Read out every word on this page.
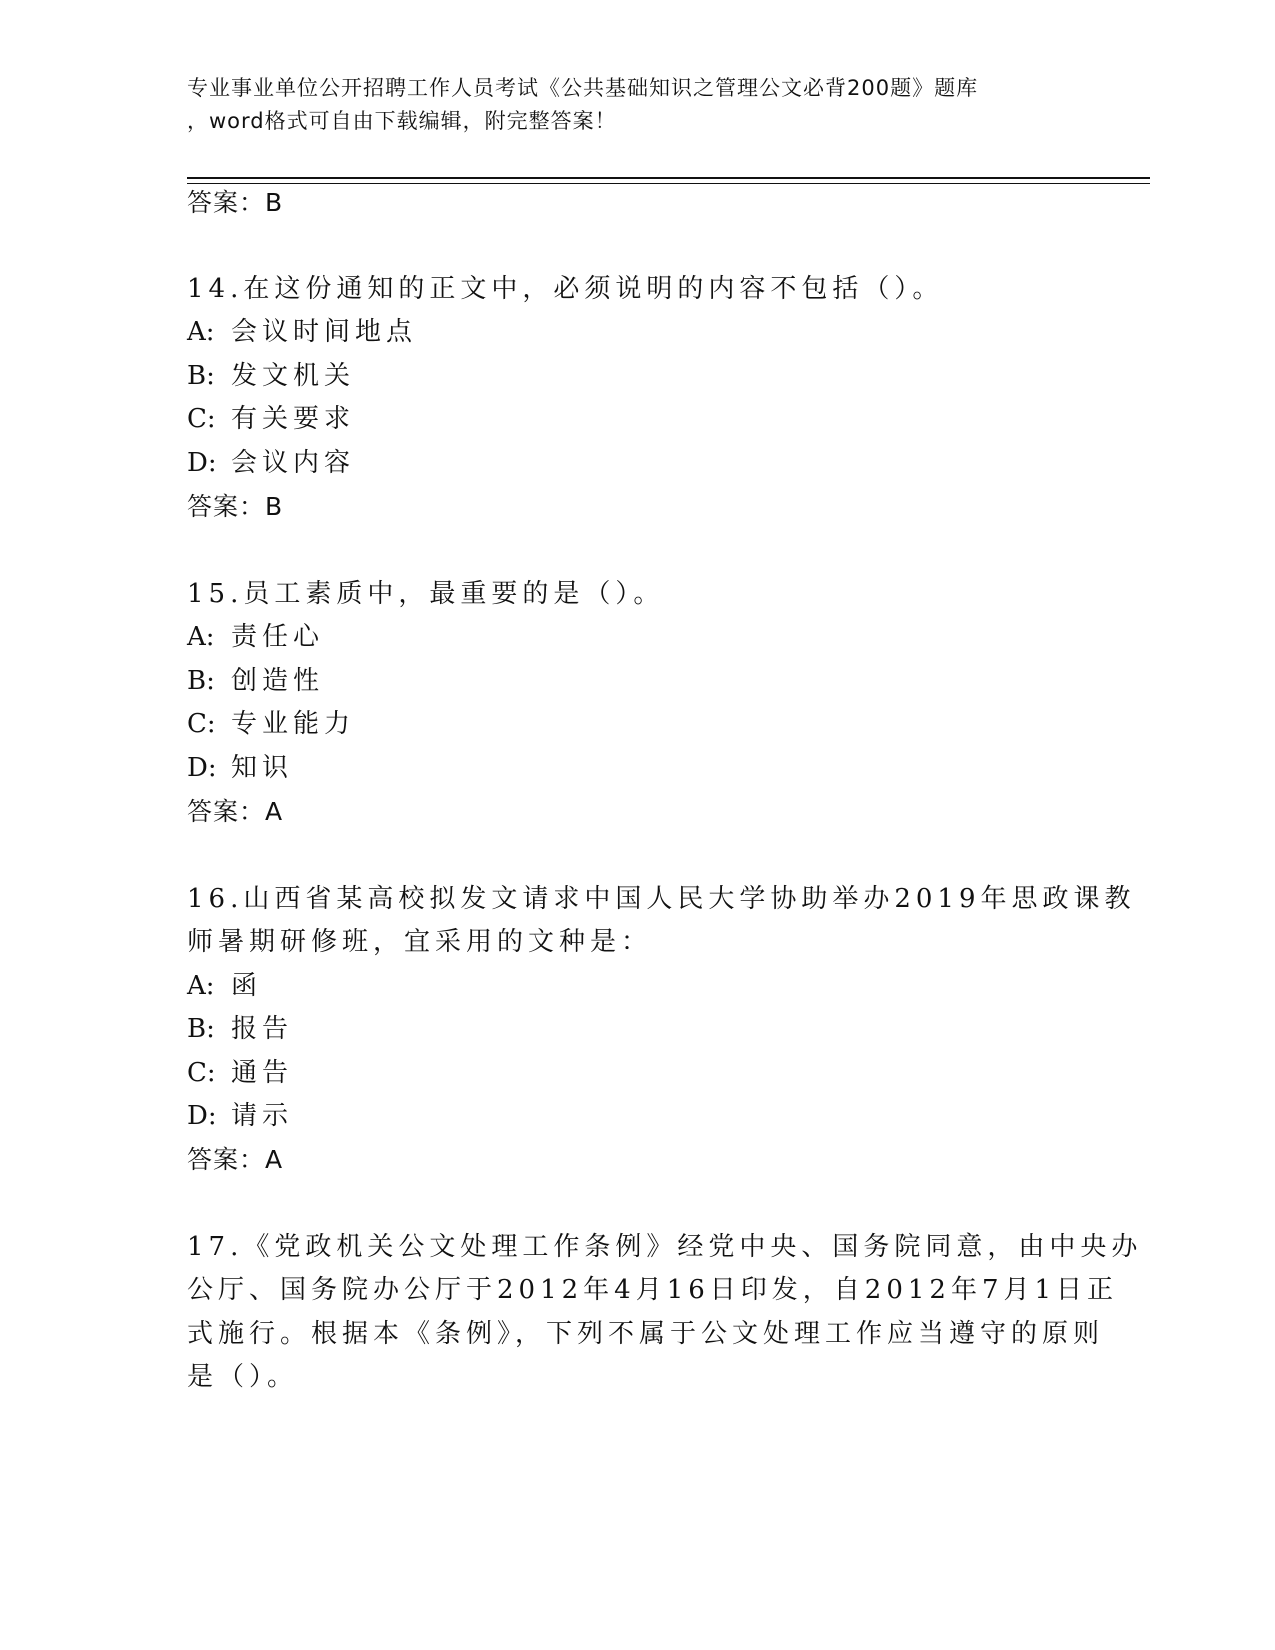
专业事业单位公开招聘工作人员考试《公共基础知识之管理公文必背200题》题库
，word格式可自由下载编辑，附完整答案！
答案：B
14.在这份通知的正文中，必须说明的内容不包括（）。
A: 会议时间地点
B: 发文机关
C: 有关要求
D: 会议内容
答案：B
15.员工素质中，最重要的是（）。
A: 责任心
B: 创造性
C: 专业能力
D: 知识
答案：A
16.山西省某高校拟发文请求中国人民大学协助举办2019年思政课教
师暑期研修班，宜采用的文种是：
A: 函
B: 报告
C: 通告
D: 请示
答案：A
17.《党政机关公文处理工作条例》经党中央、国务院同意，由中央办
公厅、国务院办公厅于2012年4月16日印发，自2012年7月1日正
式施行。根据本《条例》，下列不属于公文处理工作应当遵守的原则
是（）。
